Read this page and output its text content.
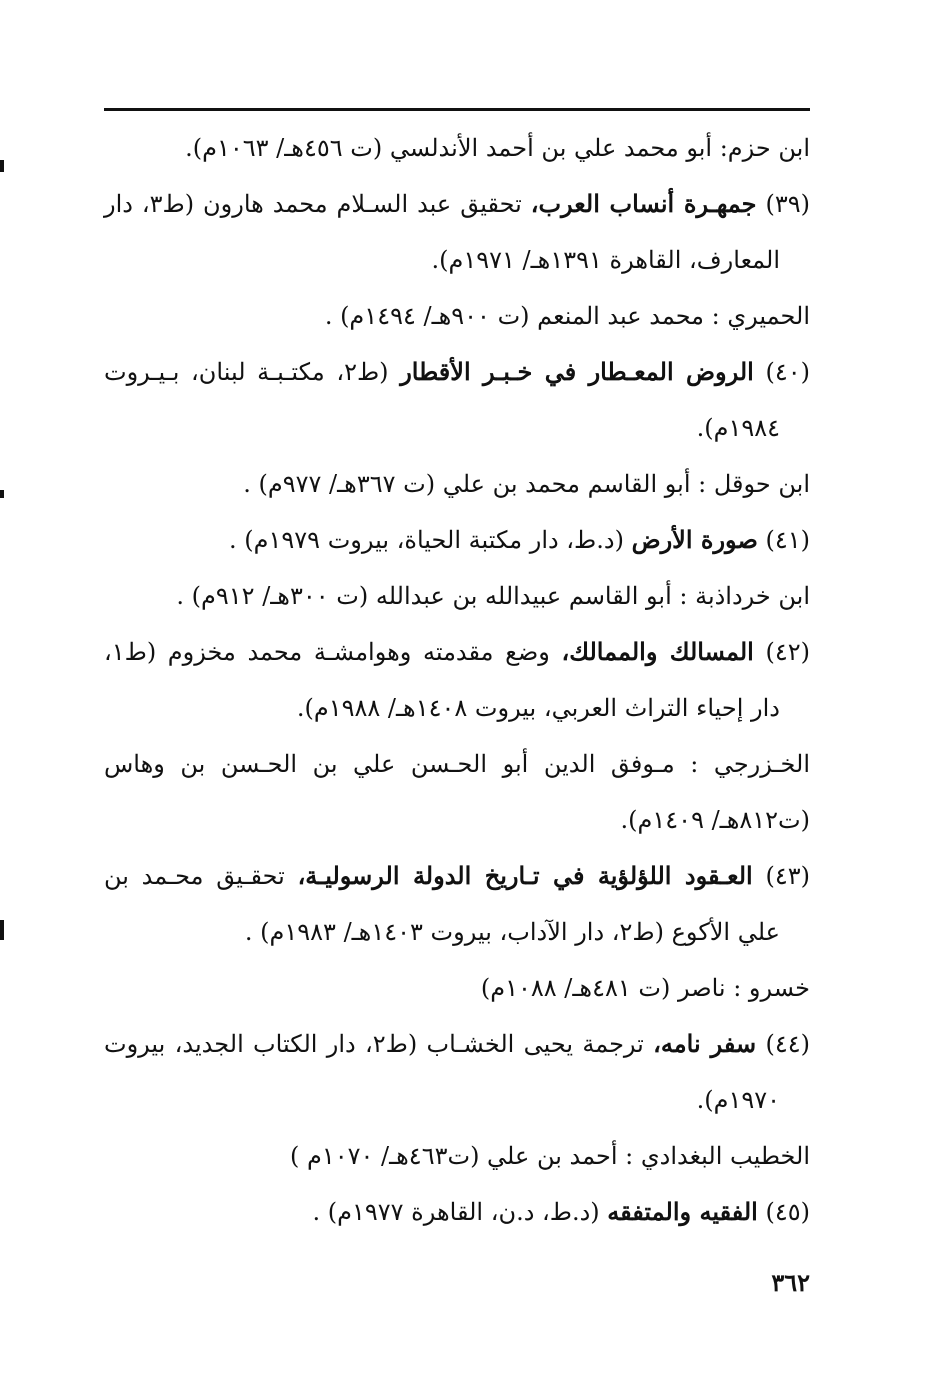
ابن حزم: أبو محمد علي بن أحمد الأندلسي (ت ٤٥٦هـ/ ١٠٦٣م).

(٣٩) جمهـرة أنساب العرب، تحقيق عبد السـلام محمد هارون (ط٣، دار المعارف، القاهرة ١٣٩١هـ/ ١٩٧١م).

الحميري : محمد عبد المنعم (ت ٩٠٠هـ/ ١٤٩٤م) .

(٤٠) الروض المعـطار في خـبـر الأقطار (ط٢، مكتـبـة لبنان، بـيـروت ١٩٨٤م).

ابن حوقل : أبو القاسم محمد بن علي (ت ٣٦٧هـ/ ٩٧٧م) .

(٤١) صورة الأرض (د.ط، دار مكتبة الحياة، بيروت ١٩٧٩م) .

ابن خرداذبة : أبو القاسم عبيدالله بن عبدالله (ت ٣٠٠هـ/ ٩١٢م) .

(٤٢) المسالك والممالك، وضع مقدمته وهوامشـة محمد مخزوم (ط١، دار إحياء التراث العربي، بيروت ١٤٠٨هـ/ ١٩٨٨م).

الخـزرجي : مـوفق الدين أبو الحـسن علي بن الحـسن بن وهاس (ت٨١٢هـ/ ١٤٠٩م).

(٤٣) العـقود اللؤلؤية في تـاريخ الدولة الرسوليـة، تحقـيق محـمد بن علي الأكوع (ط٢، دار الآداب، بيروت ١٤٠٣هـ/ ١٩٨٣م) .

خسرو : ناصر (ت ٤٨١هـ/ ١٠٨٨م)

(٤٤) سفر نامه، ترجمة يحيى الخشـاب (ط٢، دار الكتاب الجديد، بيروت ١٩٧٠م).

الخطيب البغدادي : أحمد بن علي (ت٤٦٣هـ/ ١٠٧٠م )

(٤٥) الفقيه والمتفقه (د.ط، د.ن، القاهرة ١٩٧٧م) .

٣٦٢
